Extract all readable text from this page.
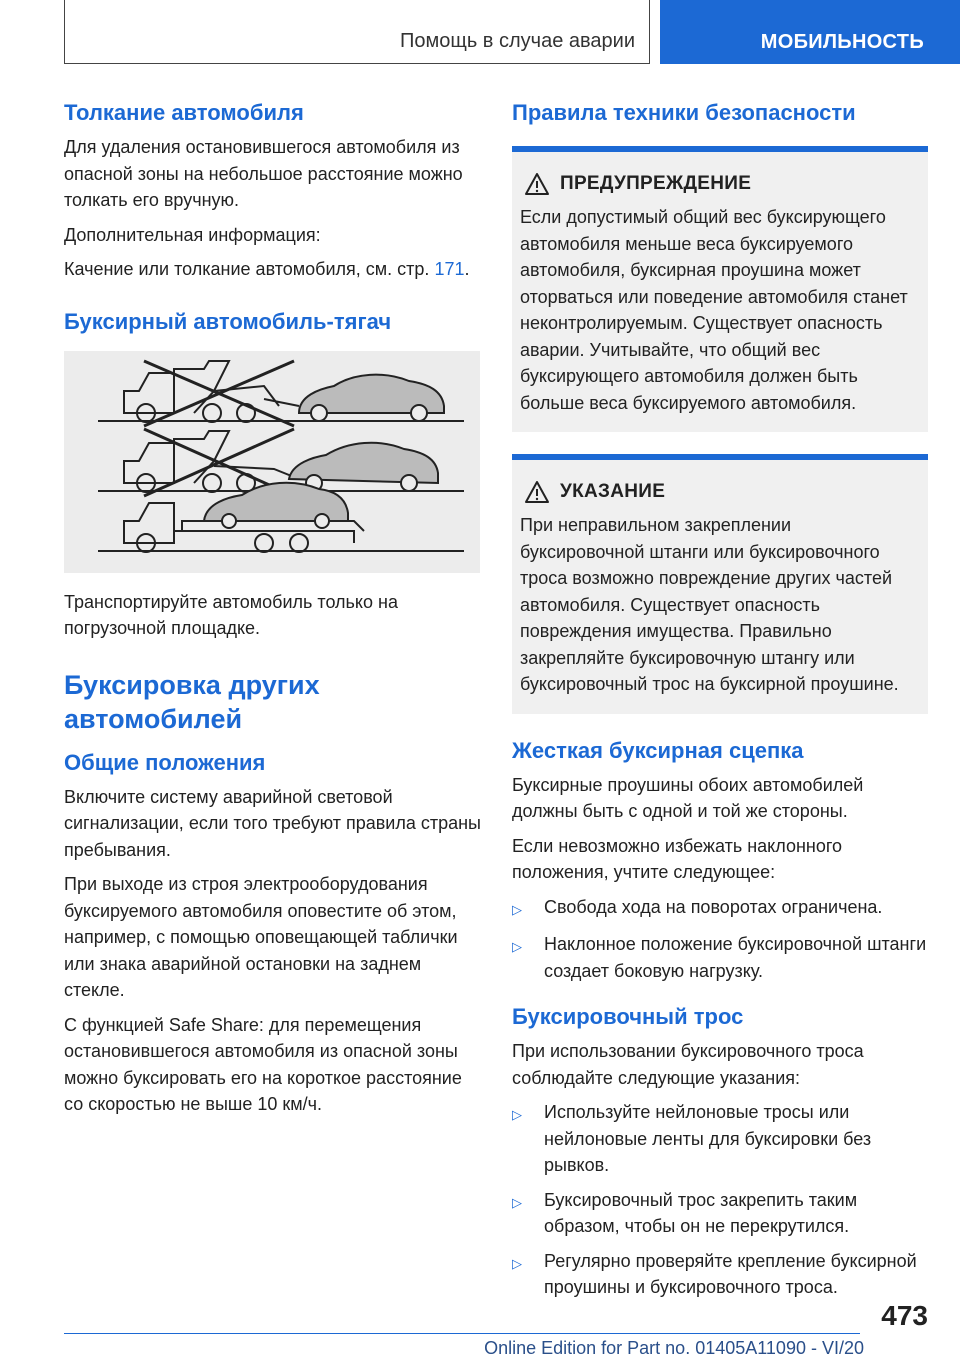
Помощь в случае аварии	МОБИЛЬНОСТЬ
Толкание автомобиля

Для удаления остановившегося автомобиля из опасной зоны на небольшое расстояние можно толкать его вручную.

Дополнительная информация:

Качение или толкание автомобиля, см. стр. 171.

Буксирный автомобиль-тягач

Транспортируйте автомобиль только на погрузочной площадке.

Буксировка других автомобилей
Общие положения

Включите систему аварийной световой сигнализации, если того требуют правила страны пребывания.

При выходе из строя электрооборудования буксируемого автомобиля оповестите об этом, например, с помощью оповещающей таблички или знака аварийной остановки на заднем стекле.

С функцией Safe Share: для перемещения остановившегося автомобиля из опасной зоны можно буксировать его на короткое расстояние со скоростью не выше 10 км/ч.

Правила техники безопасности
ПРЕДУПРЕЖДЕНИЕ

Если допустимый общий вес буксирующего автомобиля меньше веса буксируемого автомобиля, буксирная проушина может оторваться или поведение автомобиля станет неконтролируемым. Существует опасность аварии. Учитывайте, что общий вес буксирующего автомобиля должен быть больше веса буксируемого автомобиля.

УКАЗАНИЕ

При неправильном закреплении буксировочной штанги или буксировочного троса возможно повреждение других частей автомобиля. Существует опасность повреждения имущества. Правильно закрепляйте буксировочную штангу или буксировочный трос на буксирной проушине.

Жесткая буксирная сцепка

Буксирные проушины обоих автомобилей должны быть с одной и той же стороны.

Если невозможно избежать наклонного положения, учтите следующее:

▷	Свобода хода на поворотах ограничена.
▷	Наклонное положение буксировочной штанги создает боковую нагрузку.
Буксировочный трос

При использовании буксировочного троса соблюдайте следующие указания:

▷	Используйте нейлоновые тросы или нейлоновые ленты для буксировки без рывков.
▷	Буксировочный трос закрепить таким образом, чтобы он не перекрутился.
▷	Регулярно проверяйте крепление буксирной проушины и буксировочного троса.
473
Online Edition for Part no. 01405A11090 - VI/20
